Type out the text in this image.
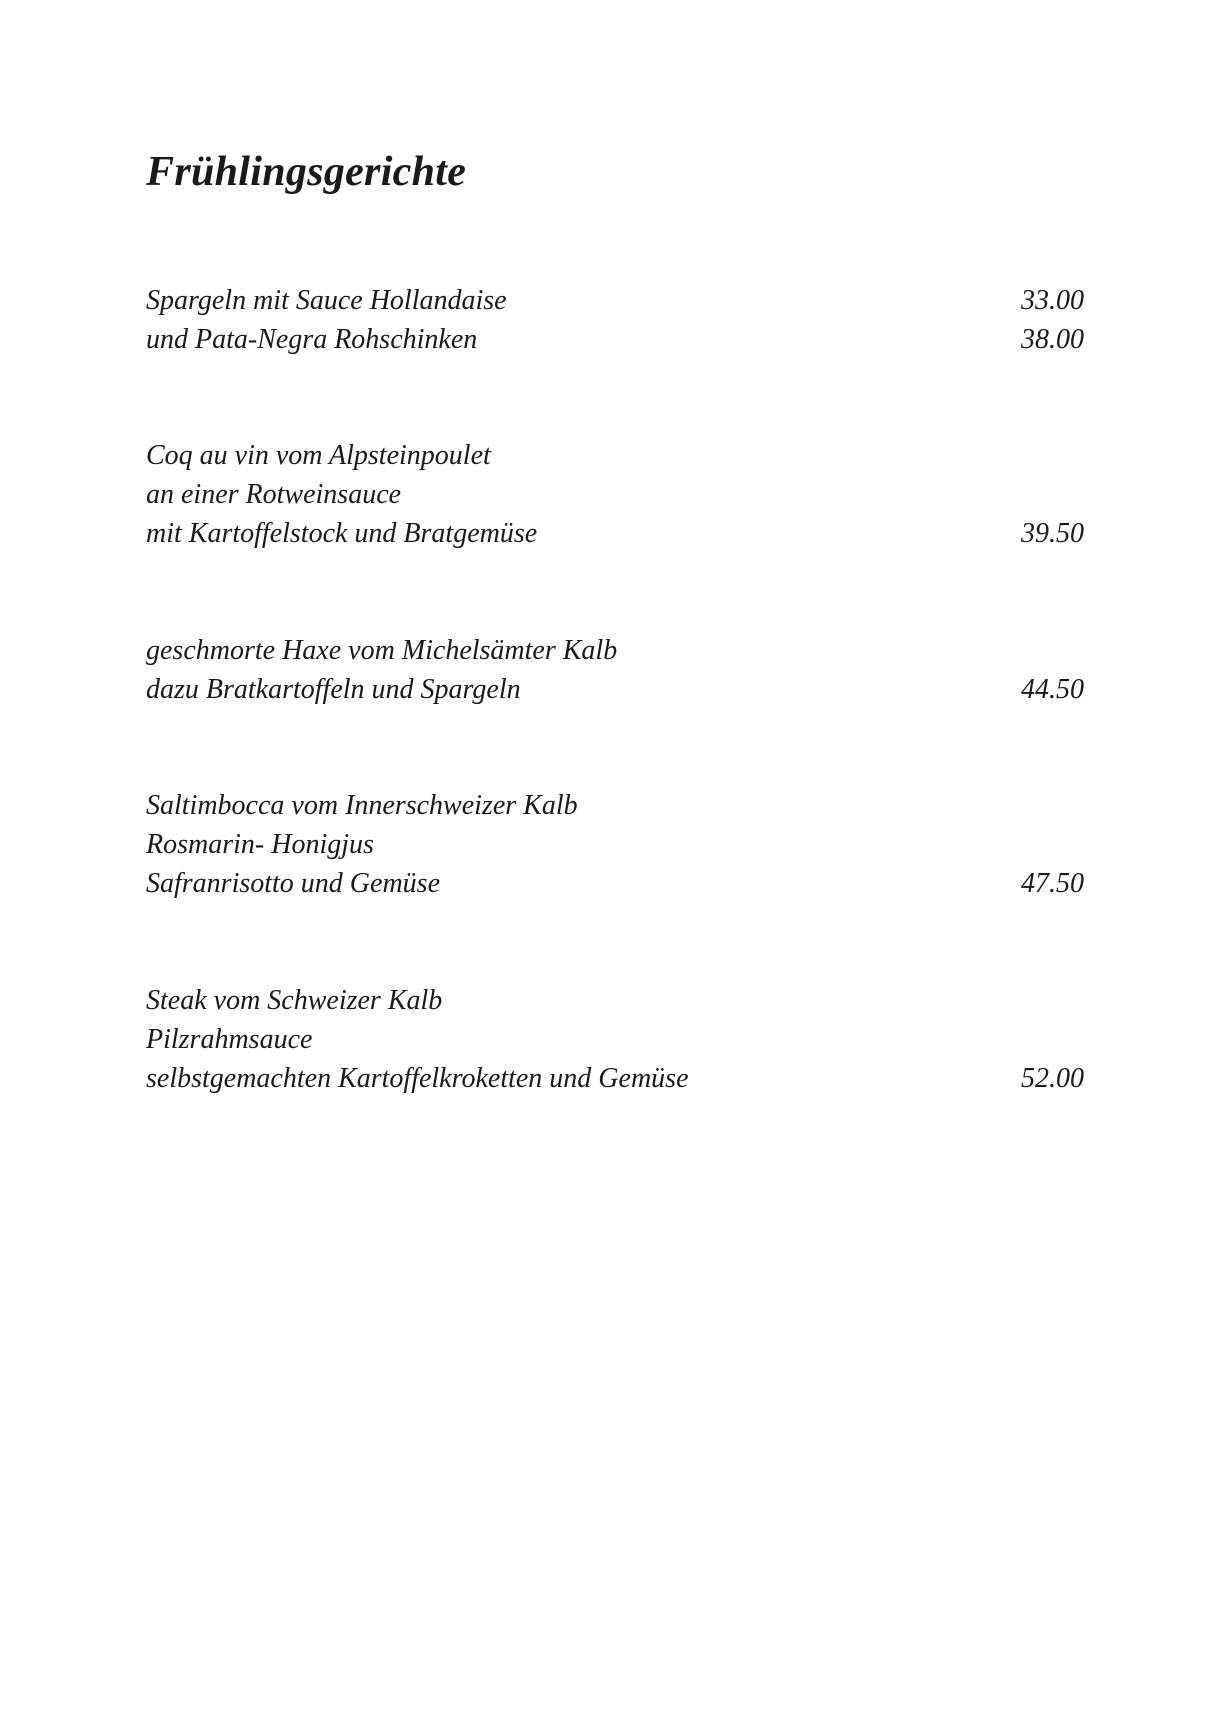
Frühlingsgerichte
Spargeln mit Sauce Hollandaise	33.00
und Pata-Negra Rohschinken	38.00
Coq au vin vom Alpsteinpoulet
an einer Rotweinsauce
mit Kartoffelstock und Bratgemüse	39.50
geschmorte Haxe vom Michelsämter Kalb
dazu Bratkartoffeln und Spargeln	44.50
Saltimbocca vom Innerschweizer Kalb
Rosmarin- Honigjus
Safranrisotto und Gemüse	47.50
Steak vom Schweizer Kalb
Pilzrahmsauce
selbstgemachten Kartoffelkroketten und Gemüse	52.00
